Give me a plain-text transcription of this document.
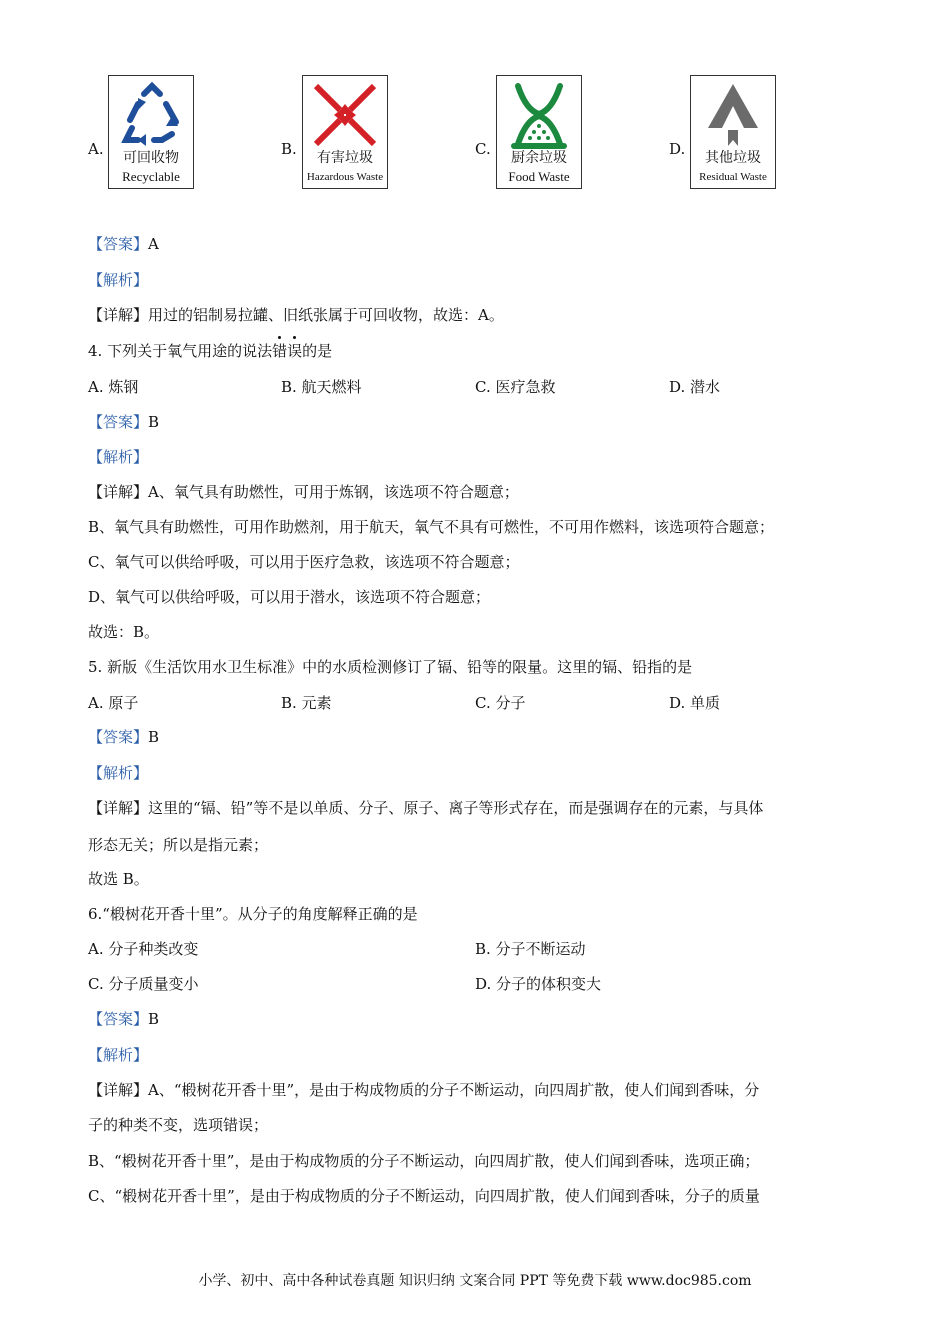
A.	可回收物
Recyclable
B.	有害垃圾
Hazardous Waste
C.	厨余垃圾
Food Waste
D.	其他垃圾
Residual Waste
【答案】A
【解析】
【详解】用过的铝制易拉罐、旧纸张属于可回收物，故选：A。
4. 下列关于氧气用途的说法错
误
的是
A. 炼钢	B. 航天燃料	C. 医疗急救	D. 潜水
【答案】B
【解析】
【详解】A、氧气具有助燃性，可用于炼钢，该选项不符合题意；
B、氧气具有助燃性，可用作助燃剂，用于航天，氧气不具有可燃性，不可用作燃料，该选项符合题意；
C、氧气可以供给呼吸，可以用于医疗急救，该选项不符合题意；
D、氧气可以供给呼吸，可以用于潜水，该选项不符合题意；
故选：B。
5. 新版《生活饮用水卫生标准》中的水质检测修订了镉、铅等的限量。这里的镉、铅指的是
A. 原子	B. 元素	C. 分子	D. 单质
【答案】B
【解析】
【详解】这里的“镉、铅”等不是以单质、分子、原子、离子等形式存在，而是强调存在的元素，与具体
形态无关；所以是指元素；
故选 B。
6.“椴树花开香十里”。从分子的角度解释正确的是
A. 分子种类改变	B. 分子不断运动
C. 分子质量变小	D. 分子的体积变大
【答案】B
【解析】
【详解】A、“椴树花开香十里”，是由于构成物质的分子不断运动，向四周扩散，使人们闻到香味，分
子的种类不变，选项错误；
B、“椴树花开香十里”，是由于构成物质的分子不断运动，向四周扩散，使人们闻到香味，选项正确；
C、“椴树花开香十里”，是由于构成物质的分子不断运动，向四周扩散，使人们闻到香味，分子的质量
小学、初中、高中各种试卷真题 知识归纳 文案合同 PPT 等免费下载 www.doc985.com
